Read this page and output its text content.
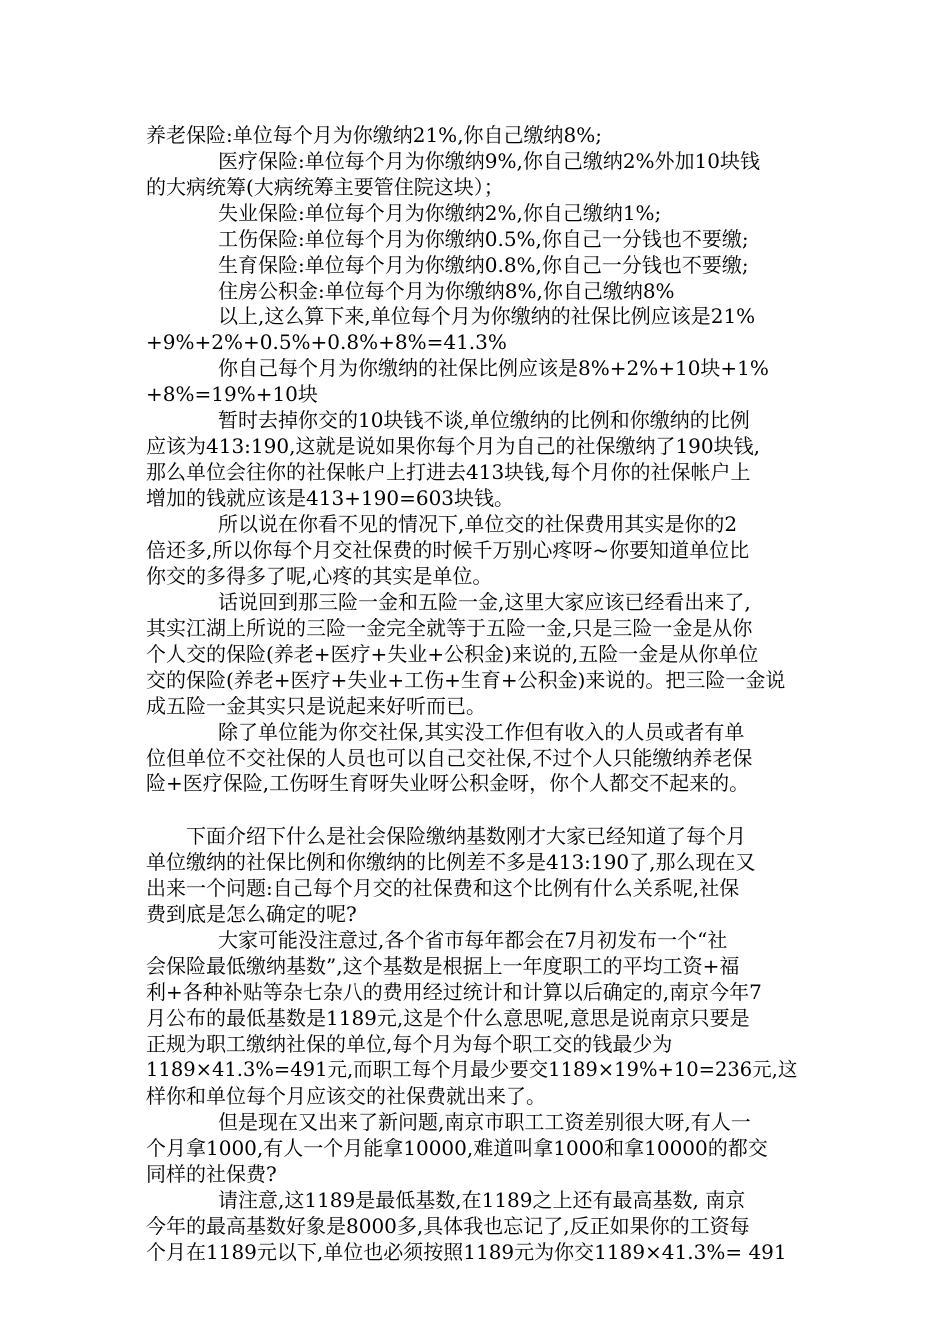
养老保险:单位每个月为你缴纳21%,你自己缴纳8%;

医疗保险:单位每个月为你缴纳9%,你自己缴纳2%外加10块钱

的大病统筹(大病统筹主要管住院这块）；

失业保险:单位每个月为你缴纳2%,你自己缴纳1%;

工伤保险:单位每个月为你缴纳0.5%,你自己一分钱也不要缴;

生育保险:单位每个月为你缴纳0.8%,你自己一分钱也不要缴;

住房公积金:单位每个月为你缴纳8%,你自己缴纳8%

以上,这么算下来,单位每个月为你缴纳的社保比例应该是21%

+9%+2%+0.5%+0.8%+8%=41.3%

你自己每个月为你缴纳的社保比例应该是8%+2%+10块+1%

+8%=19%+10块

暂时去掉你交的10块钱不谈,单位缴纳的比例和你缴纳的比例

应该为413:190,这就是说如果你每个月为自己的社保缴纳了190块钱,

那么单位会往你的社保帐户上打进去413块钱,每个月你的社保帐户上

增加的钱就应该是413+190=603块钱。

所以说在你看不见的情况下,单位交的社保费用其实是你的2

倍还多,所以你每个月交社保费的时候千万别心疼呀~你要知道单位比

你交的多得多了呢,心疼的其实是单位。

话说回到那三险一金和五险一金,这里大家应该已经看出来了,

其实江湖上所说的三险一金完全就等于五险一金,只是三险一金是从你

个人交的保险(养老+医疗+失业+公积金)来说的,五险一金是从你单位

交的保险(养老+医疗+失业+工伤+生育+公积金)来说的。把三险一金说

成五险一金其实只是说起来好听而已。

除了单位能为你交社保,其实没工作但有收入的人员或者有单

位但单位不交社保的人员也可以自己交社保,不过个人只能缴纳养老保

险+医疗保险,工伤呀生育呀失业呀公积金呀，你个人都交不起来的。

下面介绍下什么是社会保险缴纳基数刚才大家已经知道了每个月

单位缴纳的社保比例和你缴纳的比例差不多是413:190了,那么现在又

出来一个问题:自己每个月交的社保费和这个比例有什么关系呢,社保

费到底是怎么确定的呢?

大家可能没注意过,各个省市每年都会在7月初发布一个“社

会保险最低缴纳基数”,这个基数是根据上一年度职工的平均工资+福

利+各种补贴等杂七杂八的费用经过统计和计算以后确定的,南京今年7

月公布的最低基数是1189元,这是个什么意思呢,意思是说南京只要是

正规为职工缴纳社保的单位,每个月为每个职工交的钱最少为

1189×41.3%=491元,而职工每个月最少要交1189×19%+10=236元,这

样你和单位每个月应该交的社保费就出来了。

但是现在又出来了新问题,南京市职工工资差别很大呀,有人一

个月拿1000,有人一个月能拿10000,难道叫拿1000和拿10000的都交

同样的社保费?

请注意,这1189是最低基数,在1189之上还有最高基数, 南京

今年的最高基数好象是8000多,具体我也忘记了,反正如果你的工资每

个月在1189元以下,单位也必须按照1189元为你交1189×41.3%= 491
